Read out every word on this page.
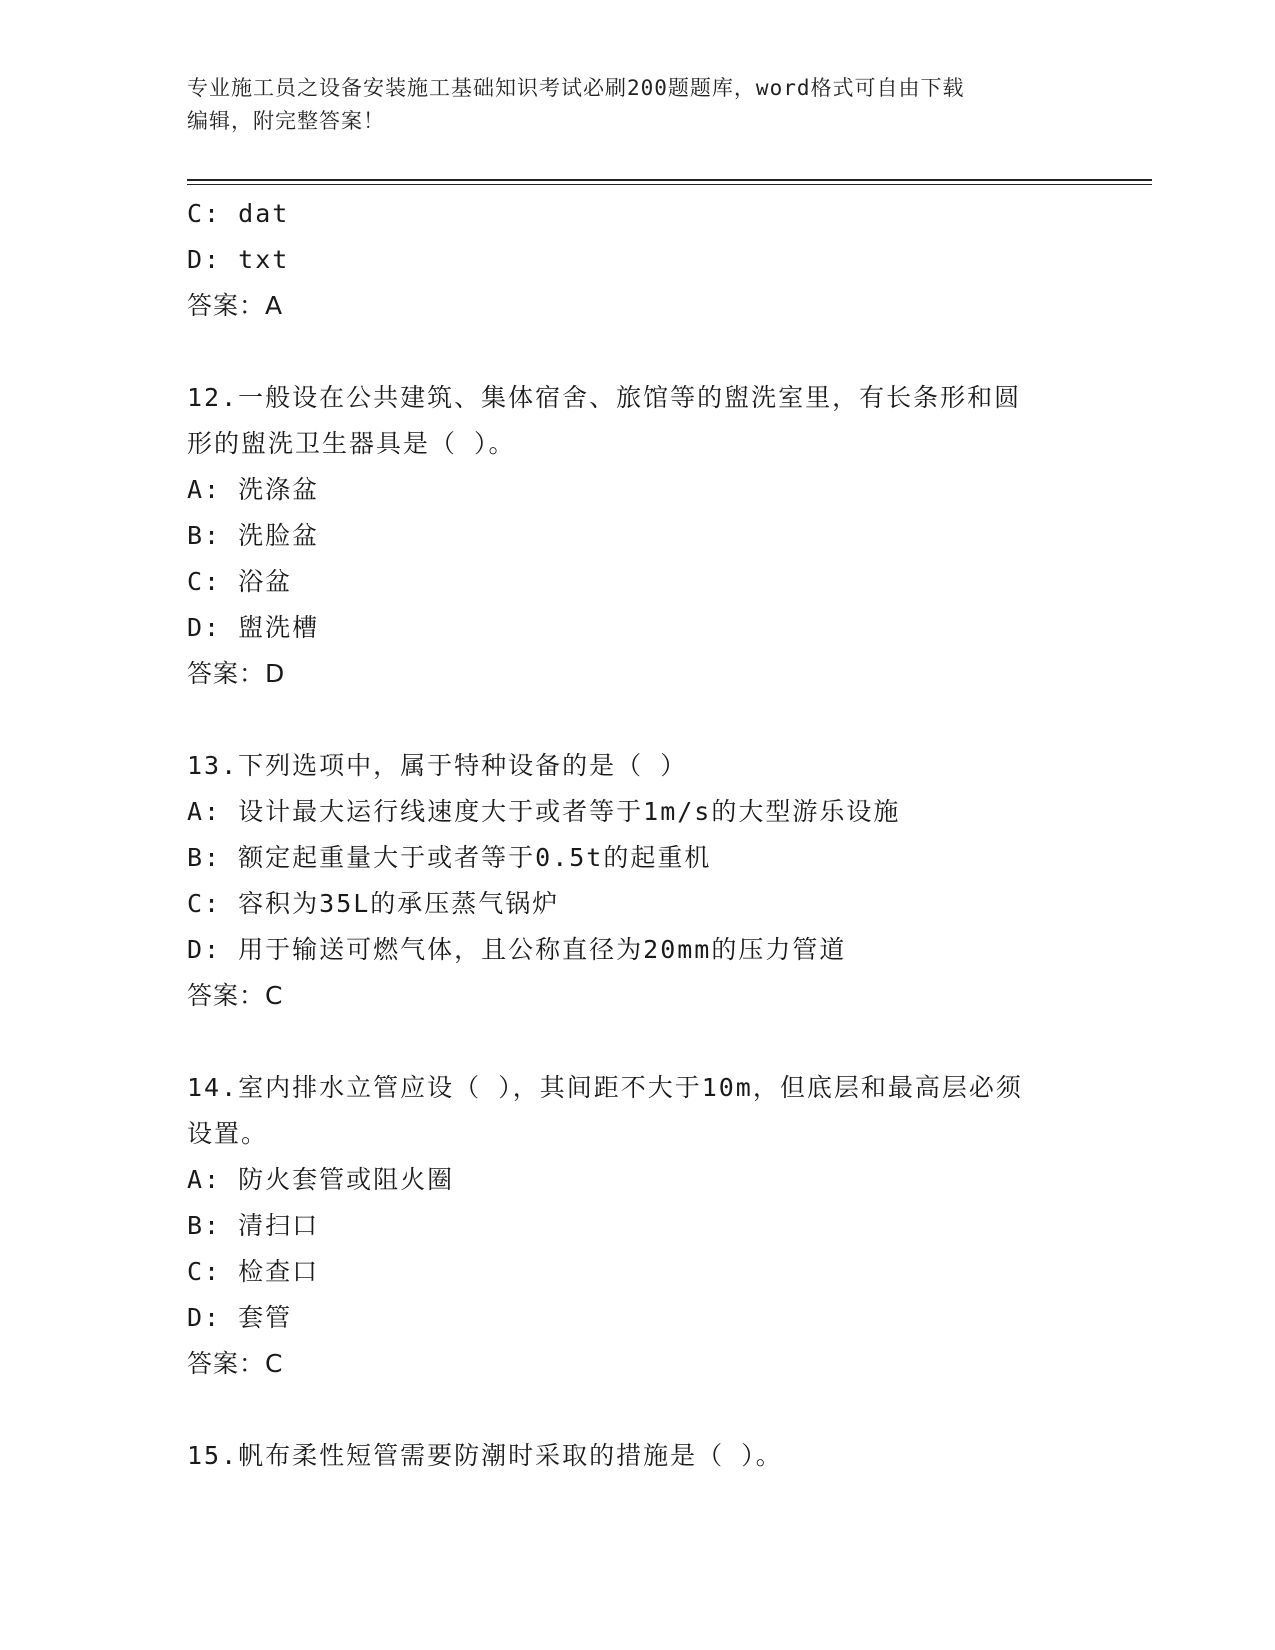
专业施工员之设备安装施工基础知识考试必刷200题题库，word格式可自由下载
编辑，附完整答案！
C: dat
D: txt
答案：A
12.一般设在公共建筑、集体宿舍、旅馆等的盥洗室里，有长条形和圆
形的盥洗卫生器具是（ ）。
A: 洗涤盆
B: 洗脸盆
C: 浴盆
D: 盥洗槽
答案：D
13.下列选项中，属于特种设备的是（ ）
A: 设计最大运行线速度大于或者等于1m/s的大型游乐设施
B: 额定起重量大于或者等于0.5t的起重机
C: 容积为35L的承压蒸气锅炉
D: 用于输送可燃气体，且公称直径为20mm的压力管道
答案：C
14.室内排水立管应设（ ），其间距不大于10m，但底层和最高层必须
设置。
A: 防火套管或阻火圈
B: 清扫口
C: 检查口
D: 套管
答案：C
15.帆布柔性短管需要防潮时采取的措施是（ ）。
